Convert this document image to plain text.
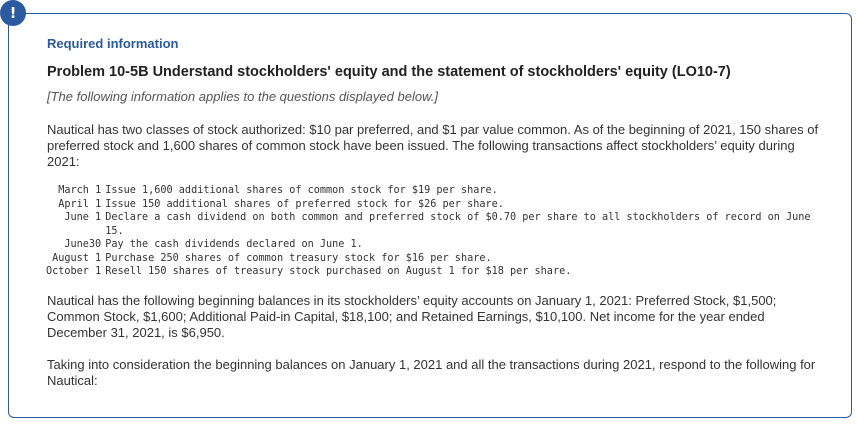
!
Required information
Problem 10-5B Understand stockholders' equity and the statement of stockholders' equity (LO10-7)
[The following information applies to the questions displayed below.]

Nautical has two classes of stock authorized: $10 par preferred, and $1 par value common. As of the beginning of 2021, 150 shares of preferred stock and 1,600 shares of common stock have been issued. The following transactions affect stockholders’ equity during 2021:

March 1	Issue 1,600 additional shares of common stock for $19 per share.
April 1	Issue 150 additional shares of preferred stock for $26 per share.
June 1	Declare a cash dividend on both common and preferred stock of $0.70 per share to all stockholders of record on June 15.
June30	Pay the cash dividends declared on June 1.
August 1	Purchase 250 shares of common treasury stock for $16 per share.
October 1	Resell 150 shares of treasury stock purchased on August 1 for $18 per share.

Nautical has the following beginning balances in its stockholders’ equity accounts on January 1, 2021: Preferred Stock, $1,500; Common Stock, $1,600; Additional Paid-in Capital, $18,100; and Retained Earnings, $10,100. Net income for the year ended December 31, 2021, is $6,950.

Taking into consideration the beginning balances on January 1, 2021 and all the transactions during 2021, respond to the following for Nautical:
